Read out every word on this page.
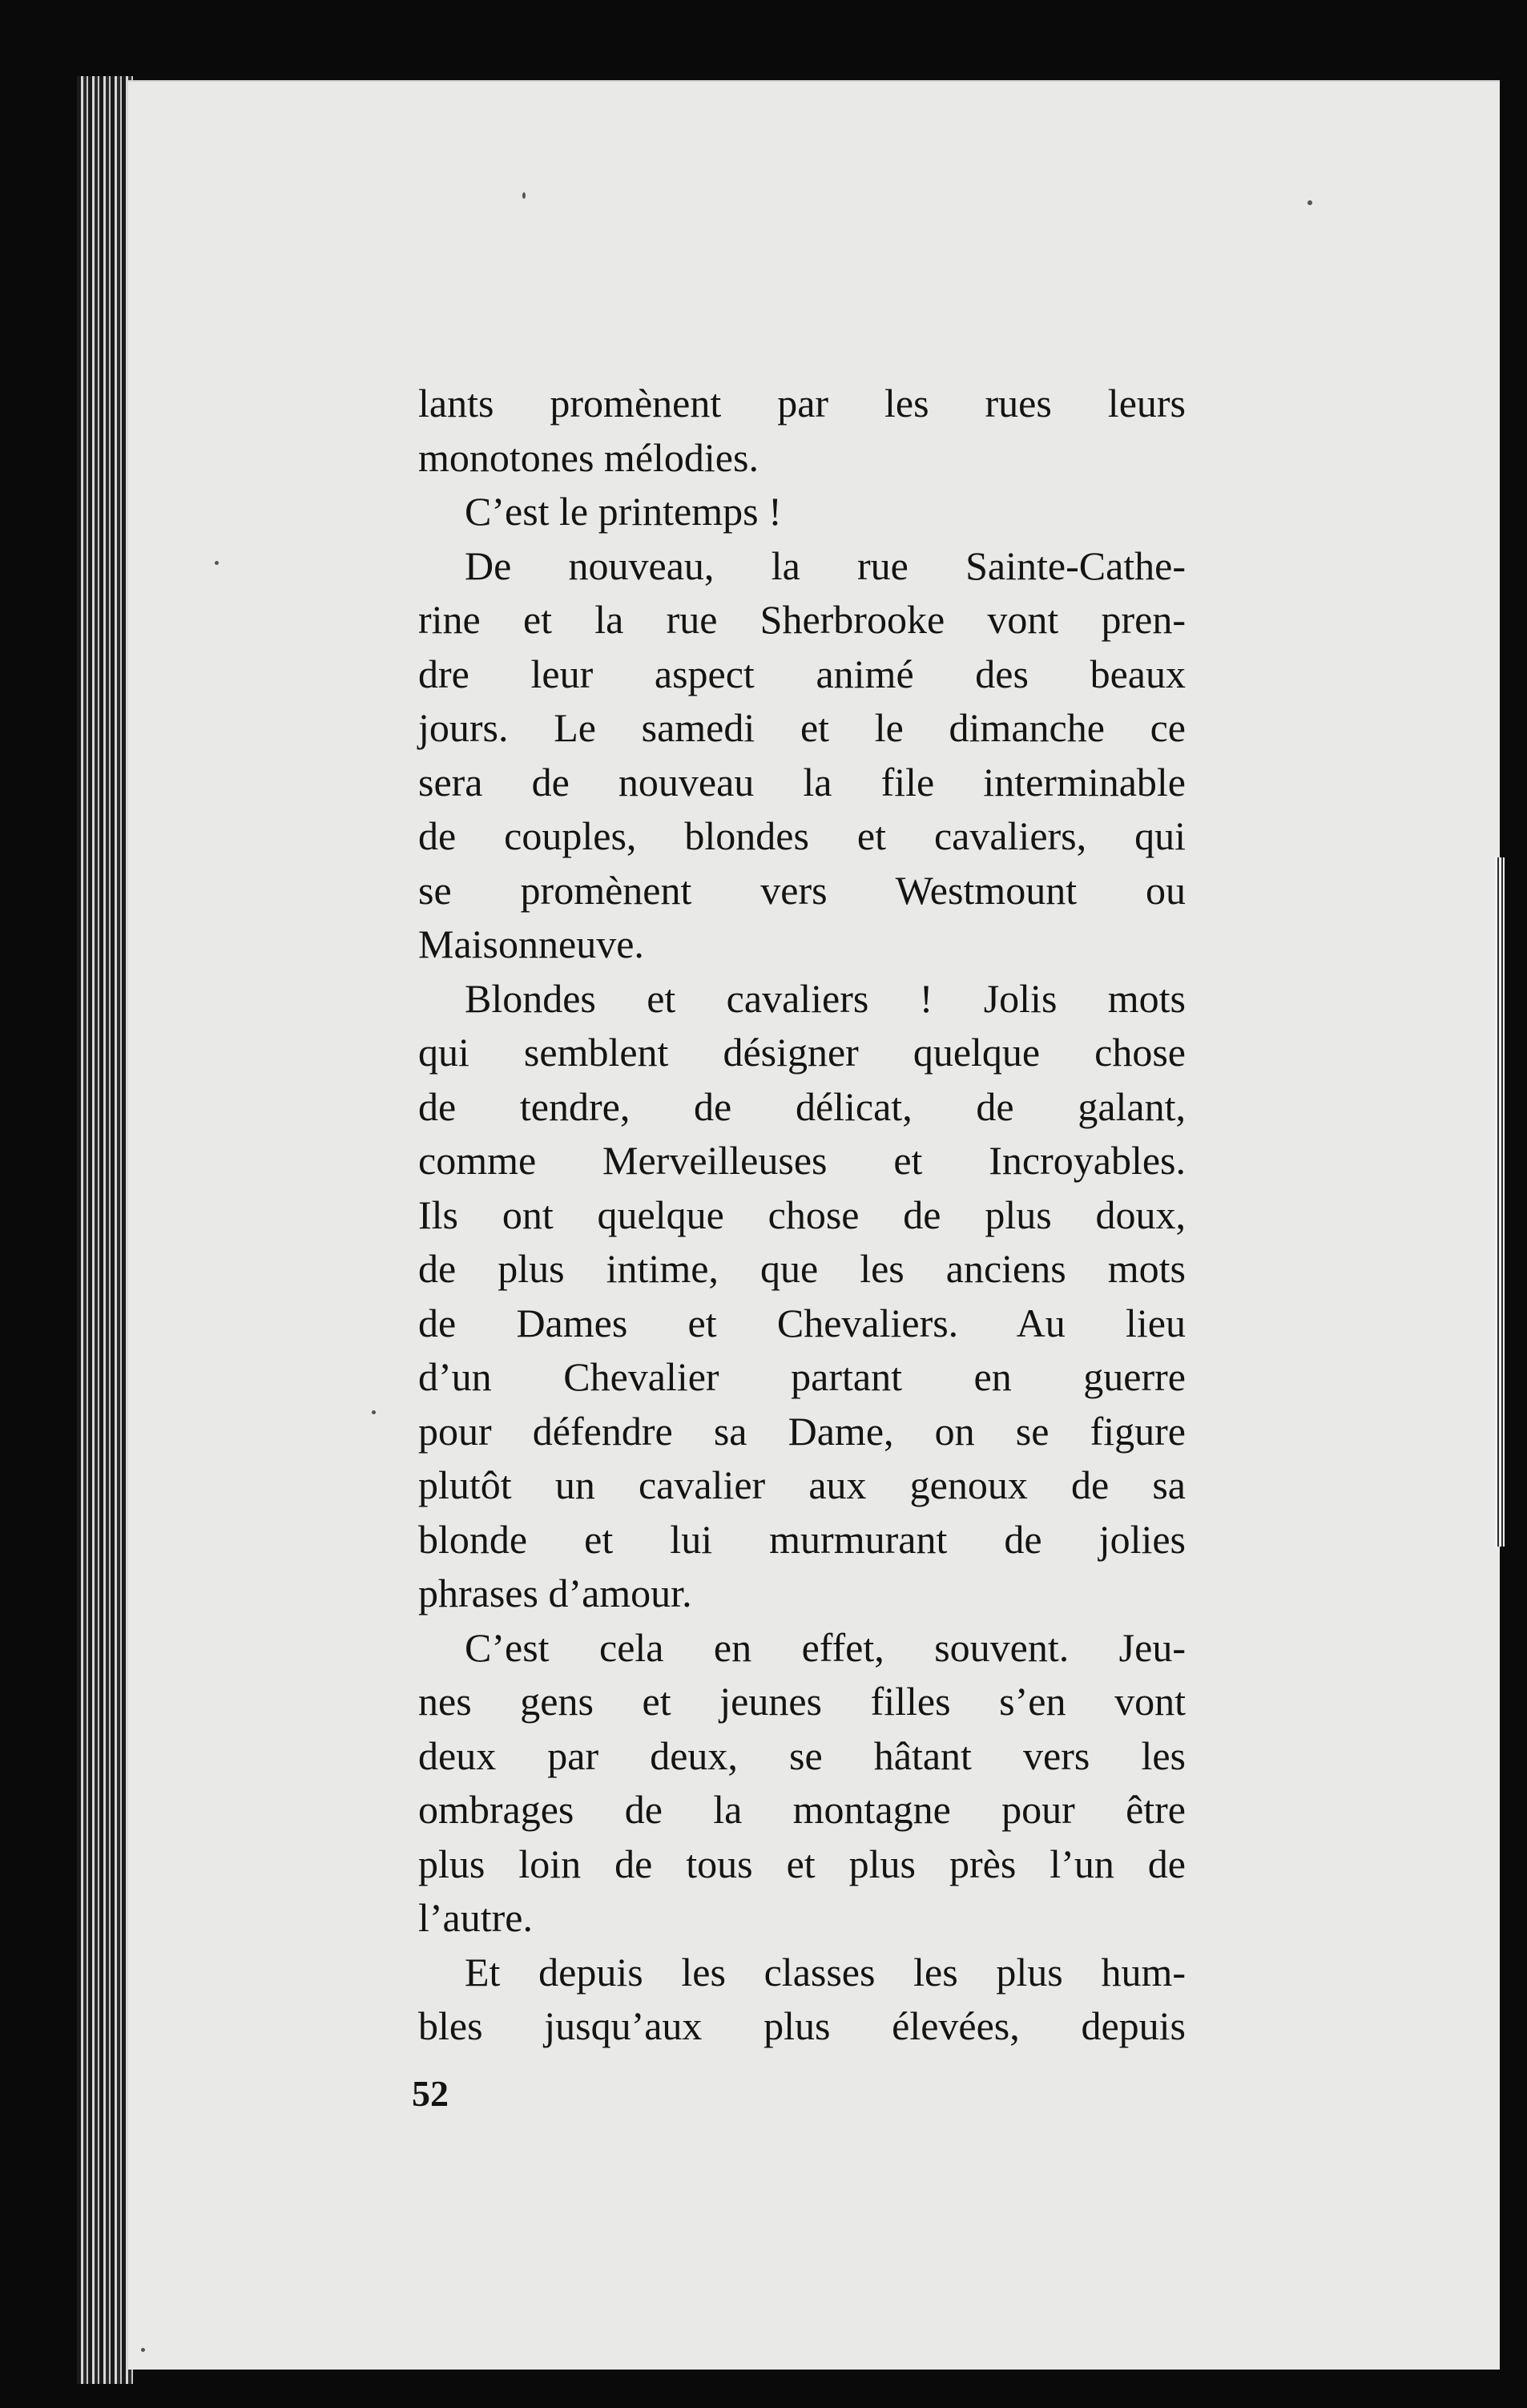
lants promènent par les rues leurs
monotones mélodies.
C’est le printemps !
De nouveau, la rue Sainte-Cathe-
rine et la rue Sherbrooke vont pren-
dre leur aspect animé des beaux
jours. Le samedi et le dimanche ce
sera de nouveau la file interminable
de couples, blondes et cavaliers, qui
se promènent vers Westmount ou
Maisonneuve.
Blondes et cavaliers ! Jolis mots
qui semblent désigner quelque chose
de tendre, de délicat, de galant,
comme Merveilleuses et Incroyables.
Ils ont quelque chose de plus doux,
de plus intime, que les anciens mots
de Dames et Chevaliers. Au lieu
d’un Chevalier partant en guerre
pour défendre sa Dame, on se figure
plutôt un cavalier aux genoux de sa
blonde et lui murmurant de jolies
phrases d’amour.
C’est cela en effet, souvent. Jeu-
nes gens et jeunes filles s’en vont
deux par deux, se hâtant vers les
ombrages de la montagne pour être
plus loin de tous et plus près l’un de
l’autre.
Et depuis les classes les plus hum-
bles jusqu’aux plus élevées, depuis
52
